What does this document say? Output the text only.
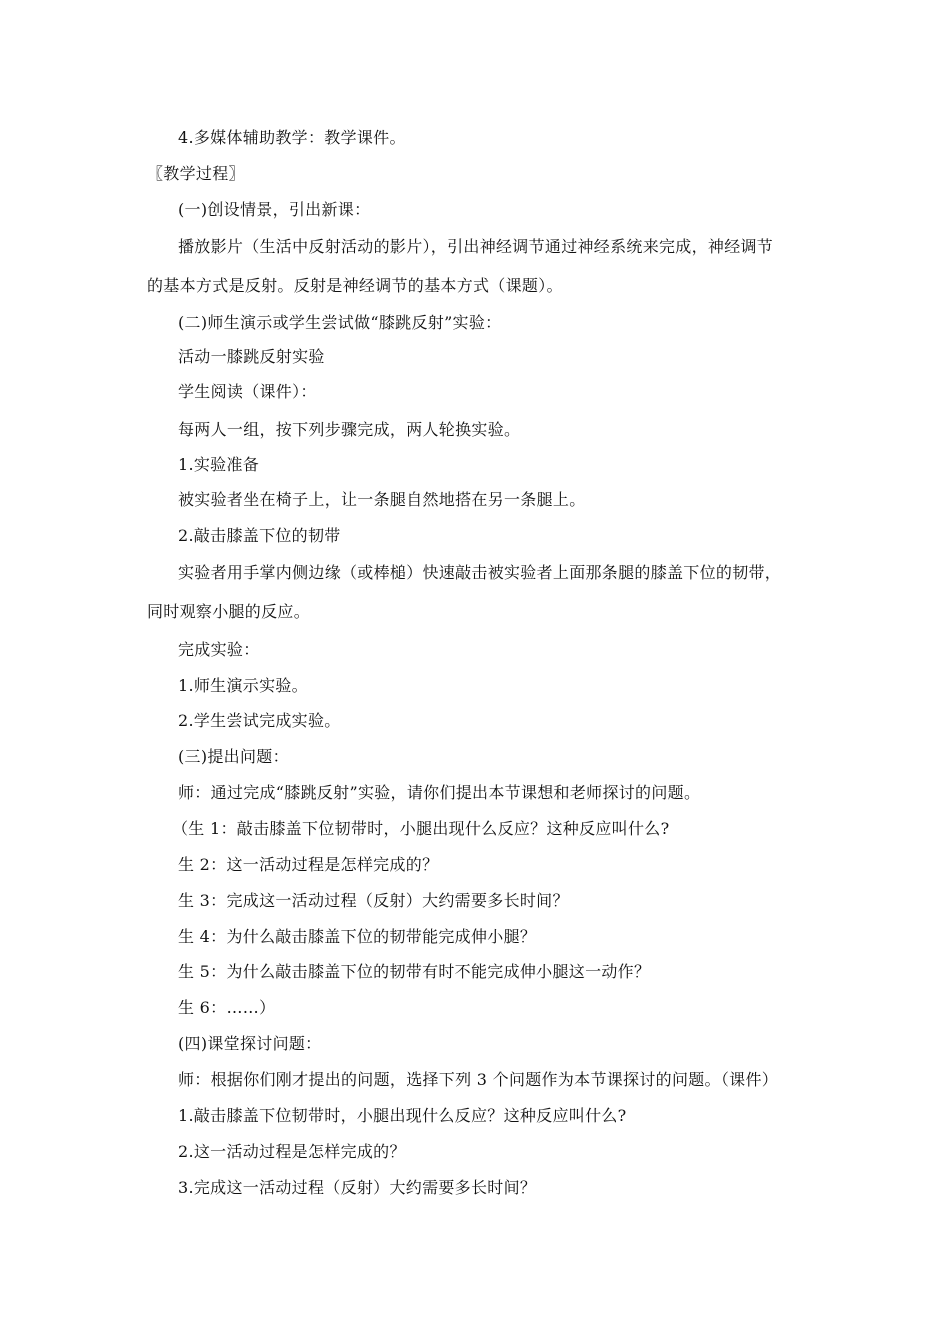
4.多媒体辅助教学：教学课件。
〖教学过程〗
(一)创设情景，引出新课：
播放影片（生活中反射活动的影片），引出神经调节通过神经系统来完成，神经调节
的基本方式是反射。反射是神经调节的基本方式（课题）。
(二)师生演示或学生尝试做“膝跳反射”实验：
活动一膝跳反射实验
学生阅读（课件）：
每两人一组，按下列步骤完成，两人轮换实验。
1.实验准备
被实验者坐在椅子上，让一条腿自然地搭在另一条腿上。
2.敲击膝盖下位的韧带
实验者用手掌内侧边缘（或棒槌）快速敲击被实验者上面那条腿的膝盖下位的韧带，
同时观察小腿的反应。
完成实验：
1.师生演示实验。
2.学生尝试完成实验。
(三)提出问题：
师：通过完成“膝跳反射”实验，请你们提出本节课想和老师探讨的问题。
（生 1：敲击膝盖下位韧带时，小腿出现什么反应？这种反应叫什么?
生 2：这一活动过程是怎样完成的？
生 3：完成这一活动过程（反射）大约需要多长时间？
生 4：为什么敲击膝盖下位的韧带能完成伸小腿？
生 5：为什么敲击膝盖下位的韧带有时不能完成伸小腿这一动作？
生 6：……）
(四)课堂探讨问题：
师：根据你们刚才提出的问题，选择下列 3 个问题作为本节课探讨的问题。（课件）
1.敲击膝盖下位韧带时，小腿出现什么反应？这种反应叫什么?
2.这一活动过程是怎样完成的？
3.完成这一活动过程（反射）大约需要多长时间？
